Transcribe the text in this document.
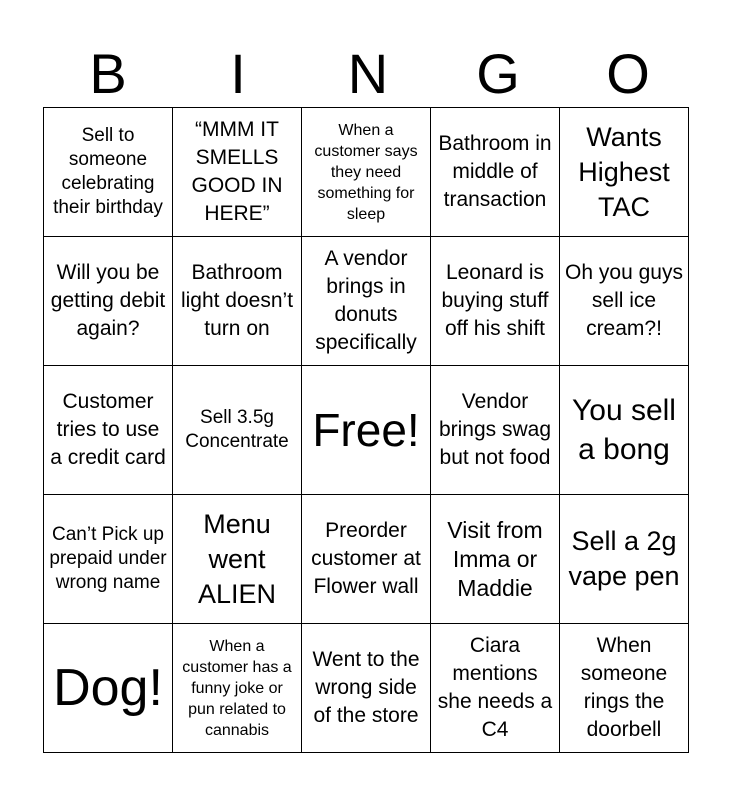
B	I	N	G	O
Sell to someone celebrating their birthday	“MMM IT SMELLS GOOD IN HERE”	When a customer says they need something for sleep	Bathroom in middle of transaction	Wants Highest TAC

Will you be getting debit again?	Bathroom light doesn’t turn on	A vendor brings in donuts specifically	Leonard is buying stuff off his shift	Oh you guys sell ice cream?!

Customer tries to use a credit card	Sell 3.5g Concentrate	Free!	Vendor brings swag but not food	You sell a bong

Can’t Pick up prepaid under wrong name	Menu went ALIEN	Preorder customer at Flower wall	Visit from Imma or Maddie	Sell a 2g vape pen

Dog!	When a customer has a funny joke or pun related to cannabis	Went to the wrong side of the store	Ciara mentions she needs a C4	When someone rings the doorbell
